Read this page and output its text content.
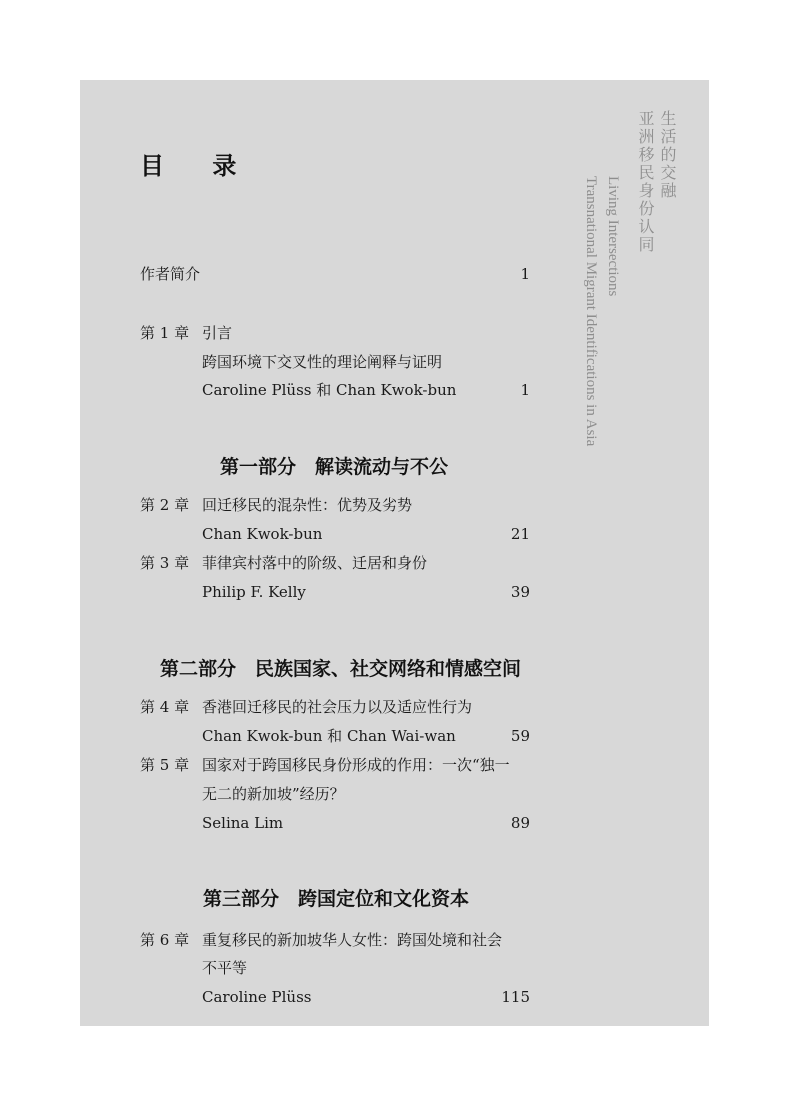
生活的交融
亚洲移民身份认同
Living Intersections
Transnational Migrant Identifications in Asia
目 录
作者简介	1
第 1 章 引言
跨国环境下交叉性的理论阐释与证明
Caroline Plüss 和 Chan Kwok-bun	1
第一部分　解读流动与不公
第 2 章 回迁移民的混杂性：优势及劣势
Chan Kwok-bun	21
第 3 章 菲律宾村落中的阶级、迁居和身份
Philip F. Kelly	39
第二部分　民族国家、社交网络和情感空间
第 4 章 香港回迁移民的社会压力以及适应性行为
Chan Kwok-bun 和 Chan Wai-wan	59
第 5 章 国家对于跨国移民身份形成的作用：一次“独一
无二的新加坡”经历？
Selina Lim	89
第三部分　跨国定位和文化资本
第 6 章 重复移民的新加坡华人女性：跨国处境和社会
不平等
Caroline Plüss	115
